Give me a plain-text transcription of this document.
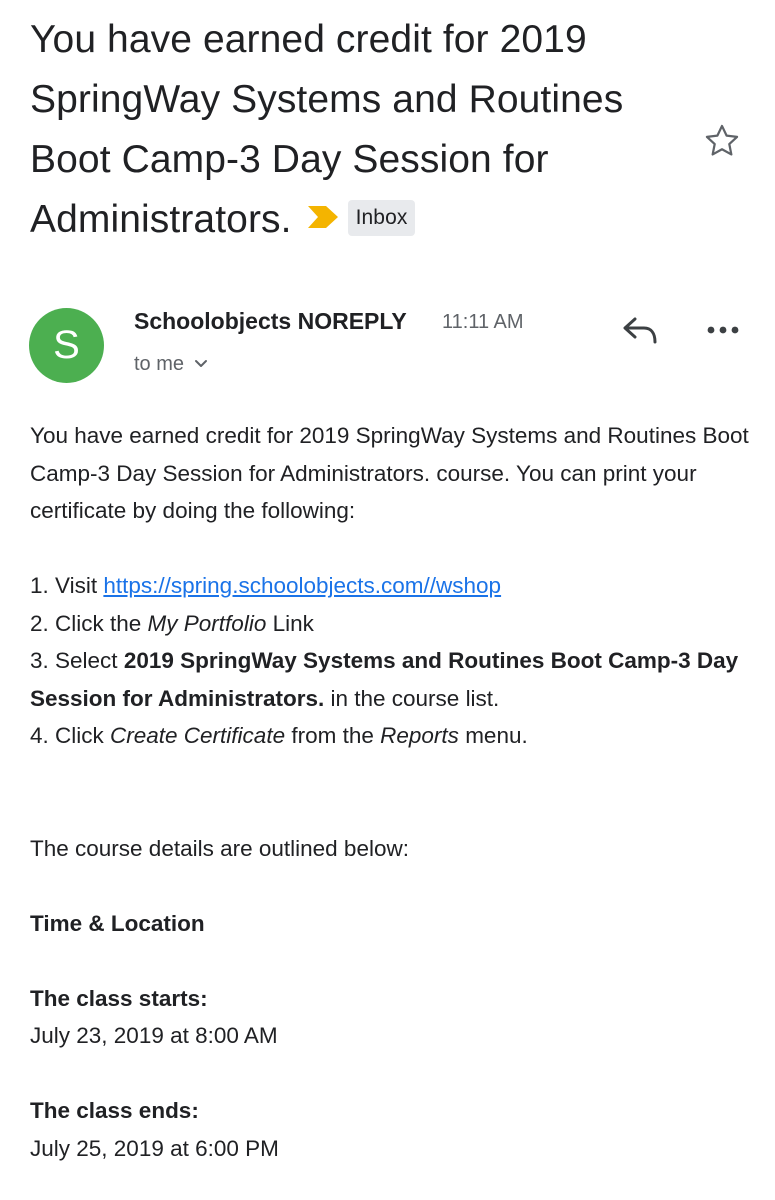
You have earned credit for 2019 SpringWay Systems and Routines Boot Camp-3 Day Session for Administrators.	Inbox
S
Schoolobjects NOREPLY 11:11 AM
to me

You have earned credit for 2019 SpringWay Systems and Routines Boot Camp-3 Day Session for Administrators. course. You can print your certificate by doing the following:

1. Visit https://spring.schoolobjects.com//wshop

2. Click the My Portfolio Link

3. Select 2019 SpringWay Systems and Routines Boot Camp-3 Day Session for Administrators. in the course list.

4. Click Create Certificate from the Reports menu.

The course details are outlined below:

Time & Location

The class starts:

July 23, 2019 at 8:00 AM

The class ends:

July 25, 2019 at 6:00 PM
